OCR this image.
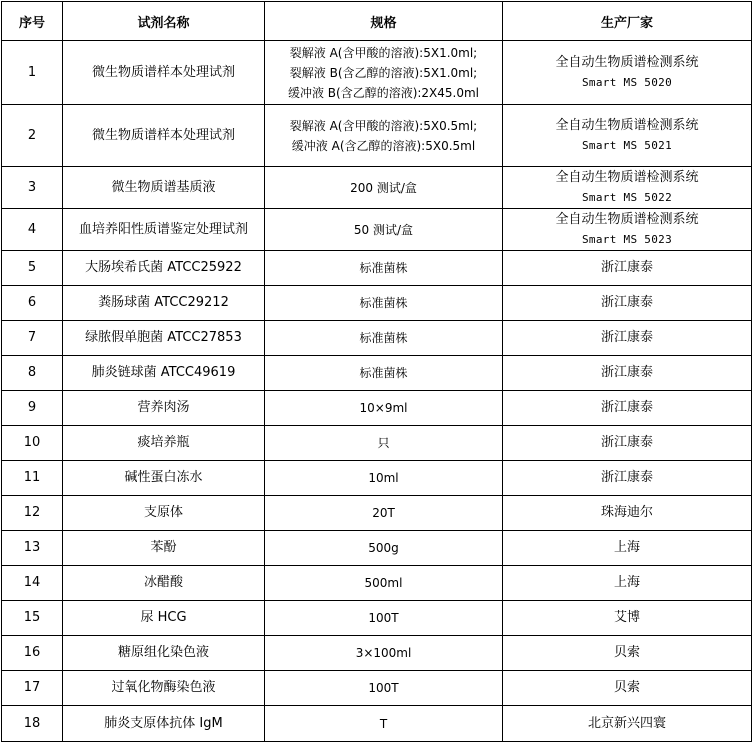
序号	试剂名称	规格	生产厂家
1	微生物质谱样本处理试剂	裂解液 A(含甲酸的溶液):5X1.0ml;
裂解液 B(含乙醇的溶液):5X1.0ml;
缓冲液 B(含乙醇的溶液):2X45.0ml	全自动生物质谱检测系统
Smart MS 5020

2	微生物质谱样本处理试剂	裂解液 A(含甲酸的溶液):5X0.5ml;
缓冲液 A(含乙醇的溶液):5X0.5ml	全自动生物质谱检测系统
Smart MS 5021

3	微生物质谱基质液	200 测试/盒	全自动生物质谱检测系统
Smart MS 5022

4	血培养阳性质谱鉴定处理试剂	50 测试/盒	全自动生物质谱检测系统
Smart MS 5023

5	大肠埃希氏菌 ATCC25922	标准菌株	浙江康泰

6	粪肠球菌 ATCC29212	标准菌株	浙江康泰

7	绿脓假单胞菌 ATCC27853	标准菌株	浙江康泰

8	肺炎链球菌 ATCC49619	标准菌株	浙江康泰

9	营养肉汤	10×9ml	浙江康泰

10	痰培养瓶	只	浙江康泰

11	碱性蛋白冻水	10ml	浙江康泰

12	支原体	20T	珠海迪尔

13	苯酚	500g	上海

14	冰醋酸	500ml	上海

15	尿 HCG	100T	艾博

16	糖原组化染色液	3×100ml	贝索

17	过氧化物酶染色液	100T	贝索

18	肺炎支原体抗体 IgM	T	北京新兴四寰
